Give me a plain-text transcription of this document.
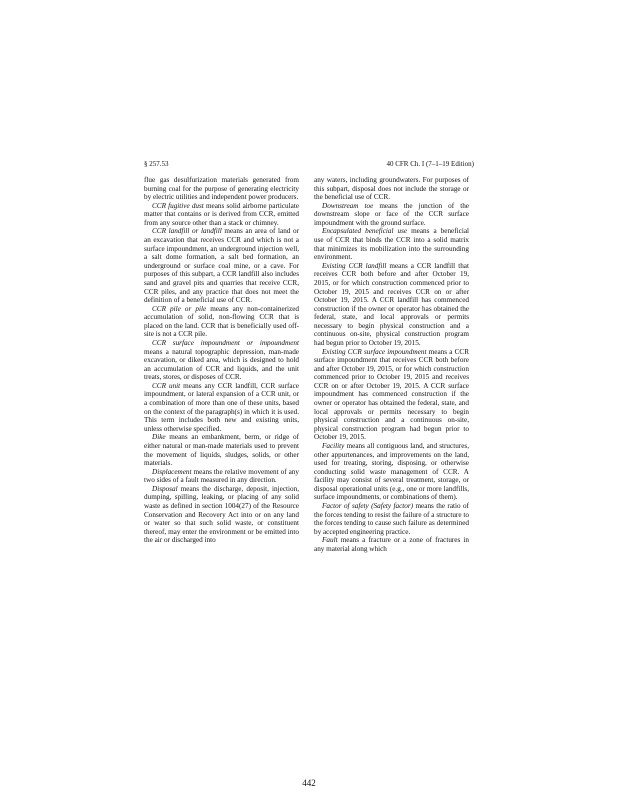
§ 257.53	40 CFR Ch. I (7–1–19 Edition)

flue gas desulfurization materials generated from burning coal for the purpose of generating electricity by electric utilities and independent power producers.

CCR fugitive dust means solid airborne particulate matter that contains or is derived from CCR, emitted from any source other than a stack or chimney.

CCR landfill or landfill means an area of land or an excavation that receives CCR and which is not a surface impoundment, an underground injection well, a salt dome formation, a salt bed formation, an underground or surface coal mine, or a cave. For purposes of this subpart, a CCR landfill also includes sand and gravel pits and quarries that receive CCR, CCR piles, and any practice that does not meet the definition of a beneficial use of CCR.

CCR pile or pile means any non-containerized accumulation of solid, non-flowing CCR that is placed on the land. CCR that is beneficially used off-site is not a CCR pile.

CCR surface impoundment or impoundment means a natural topographic depression, man-made excavation, or diked area, which is designed to hold an accumulation of CCR and liquids, and the unit treats, stores, or disposes of CCR.

CCR unit means any CCR landfill, CCR surface impoundment, or lateral expansion of a CCR unit, or a combination of more than one of these units, based on the context of the paragraph(s) in which it is used. This term includes both new and existing units, unless otherwise specified.

Dike means an embankment, berm, or ridge of either natural or man-made materials used to prevent the movement of liquids, sludges, solids, or other materials.

Displacement means the relative movement of any two sides of a fault measured in any direction.

Disposal means the discharge, deposit, injection, dumping, spilling, leaking, or placing of any solid waste as defined in section 1004(27) of the Resource Conservation and Recovery Act into or on any land or water so that such solid waste, or constituent thereof, may enter the environment or be emitted into the air or discharged into

any waters, including groundwaters. For purposes of this subpart, disposal does not include the storage or the beneficial use of CCR.

Downstream toe means the junction of the downstream slope or face of the CCR surface impoundment with the ground surface.

Encapsulated beneficial use means a beneficial use of CCR that binds the CCR into a solid matrix that minimizes its mobilization into the surrounding environment.

Existing CCR landfill means a CCR landfill that receives CCR both before and after October 19, 2015, or for which construction commenced prior to October 19, 2015 and receives CCR on or after October 19, 2015. A CCR landfill has commenced construction if the owner or operator has obtained the federal, state, and local approvals or permits necessary to begin physical construction and a continuous on-site, physical construction program had begun prior to October 19, 2015.

Existing CCR surface impoundment means a CCR surface impoundment that receives CCR both before and after October 19, 2015, or for which construction commenced prior to October 19, 2015 and receives CCR on or after October 19, 2015. A CCR surface impoundment has commenced construction if the owner or operator has obtained the federal, state, and local approvals or permits necessary to begin physical construction and a continuous on-site, physical construction program had begun prior to October 19, 2015.

Facility means all contiguous land, and structures, other appurtenances, and improvements on the land, used for treating, storing, disposing, or otherwise conducting solid waste management of CCR. A facility may consist of several treatment, storage, or disposal operational units (e.g., one or more landfills, surface impoundments, or combinations of them).

Factor of safety (Safety factor) means the ratio of the forces tending to resist the failure of a structure to the forces tending to cause such failure as determined by accepted engineering practice.

Fault means a fracture or a zone of fractures in any material along which

442
